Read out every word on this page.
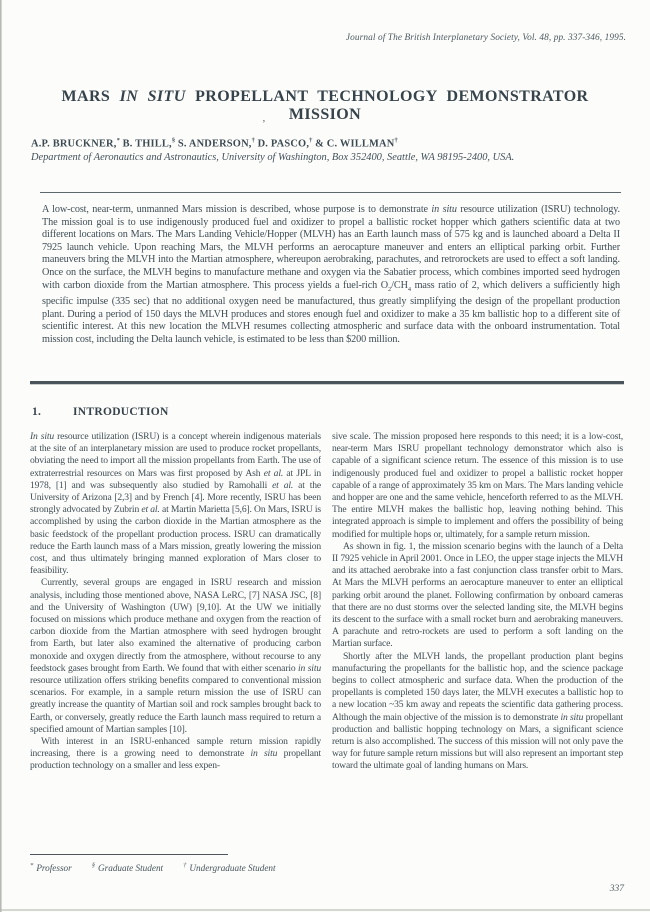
Journal of The British Interplanetary Society, Vol. 48, pp. 337-346, 1995.
MARS IN SITU PROPELLANT TECHNOLOGY DEMONSTRATOR MISSION
’
A.P. BRUCKNER,* B. THILL,§ S. ANDERSON,† D. PASCO,† & C. WILLMAN†
Department of Aeronautics and Astronautics, University of Washington, Box 352400, Seattle, WA 98195-2400, USA.

A low-cost, near-term, unmanned Mars mission is described, whose purpose is to demonstrate in situ resource utilization (ISRU) technology. The mission goal is to use indigenously produced fuel and oxidizer to propel a ballistic rocket hopper which gathers scientific data at two different locations on Mars. The Mars Landing Vehicle/Hopper (MLVH) has an Earth launch mass of 575 kg and is launched aboard a Delta II 7925 launch vehicle. Upon reaching Mars, the MLVH performs an aerocapture maneuver and enters an elliptical parking orbit. Further maneuvers bring the MLVH into the Martian atmosphere, whereupon aerobraking, parachutes, and retrorockets are used to effect a soft landing. Once on the surface, the MLVH begins to manufacture methane and oxygen via the Sabatier process, which combines imported seed hydrogen with carbon dioxide from the Martian atmosphere. This process yields a fuel-rich $O_2/CH_4$ mass ratio of 2, which delivers a sufficiently high specific impulse (335 sec) that no additional oxygen need be manufactured, thus greatly simplifying the design of the propellant production plant. During a period of 150 days the MLVH produces and stores enough fuel and oxidizer to make a 35 km ballistic hop to a different site of scientific interest. At this new location the MLVH resumes collecting atmospheric and surface data with the onboard instrumentation. Total mission cost, including the Delta launch vehicle, is estimated to be less than $200 million.

1.	INTRODUCTION

In situ resource utilization (ISRU) is a concept wherein indigenous materials at the site of an interplanetary mission are used to produce rocket propellants, obviating the need to import all the mission propellants from Earth. The use of extraterrestrial resources on Mars was first proposed by Ash et al. at JPL in 1978, [1] and was subsequently also studied by Ramohalli et al. at the University of Arizona [2,3] and by French [4]. More recently, ISRU has been strongly advocated by Zubrin et al. at Martin Marietta [5,6]. On Mars, ISRU is accomplished by using the carbon dioxide in the Martian atmosphere as the basic feedstock of the propellant production process. ISRU can dramatically reduce the Earth launch mass of a Mars mission, greatly lowering the mission cost, and thus ultimately bringing manned exploration of Mars closer to feasibility.

Currently, several groups are engaged in ISRU research and mission analysis, including those mentioned above, NASA LeRC, [7] NASA JSC, [8] and the University of Washington (UW) [9,10]. At the UW we initially focused on missions which produce methane and oxygen from the reaction of carbon dioxide from the Martian atmosphere with seed hydrogen brought from Earth, but later also examined the alternative of producing carbon monoxide and oxygen directly from the atmosphere, without recourse to any feedstock gases brought from Earth. We found that with either scenario in situ resource utilization offers striking benefits compared to conventional mission scenarios. For example, in a sample return mission the use of ISRU can greatly increase the quantity of Martian soil and rock samples brought back to Earth, or conversely, greatly reduce the Earth launch mass required to return a specified amount of Martian samples [10].

With interest in an ISRU-enhanced sample return mission rapidly increasing, there is a growing need to demonstrate in situ propellant production technology on a smaller and less expen-

sive scale. The mission proposed here responds to this need; it is a low-cost, near-term Mars ISRU propellant technology demonstrator which also is capable of a significant science return. The essence of this mission is to use indigenously produced fuel and oxidizer to propel a ballistic rocket hopper capable of a range of approximately 35 km on Mars. The Mars landing vehicle and hopper are one and the same vehicle, henceforth referred to as the MLVH. The entire MLVH makes the ballistic hop, leaving nothing behind. This integrated approach is simple to implement and offers the possibility of being modified for multiple hops or, ultimately, for a sample return mission.

As shown in fig. 1, the mission scenario begins with the launch of a Delta II 7925 vehicle in April 2001. Once in LEO, the upper stage injects the MLVH and its attached aerobrake into a fast conjunction class transfer orbit to Mars. At Mars the MLVH performs an aerocapture maneuver to enter an elliptical parking orbit around the planet. Following confirmation by onboard cameras that there are no dust storms over the selected landing site, the MLVH begins its descent to the surface with a small rocket burn and aerobraking maneuvers. A parachute and retro-rockets are used to perform a soft landing on the Martian surface.

Shortly after the MLVH lands, the propellant production plant begins manufacturing the propellants for the ballistic hop, and the science package begins to collect atmospheric and surface data. When the production of the propellants is completed 150 days later, the MLVH executes a ballistic hop to a new location ~35 km away and repeats the scientific data gathering process. Although the main objective of the mission is to demonstrate in situ propellant production and ballistic hopping technology on Mars, a significant science return is also accomplished. The success of this mission will not only pave the way for future sample return missions but will also represent an important step toward the ultimate goal of landing humans on Mars.

* Professor	§ Graduate Student	† Undergraduate Student
337
